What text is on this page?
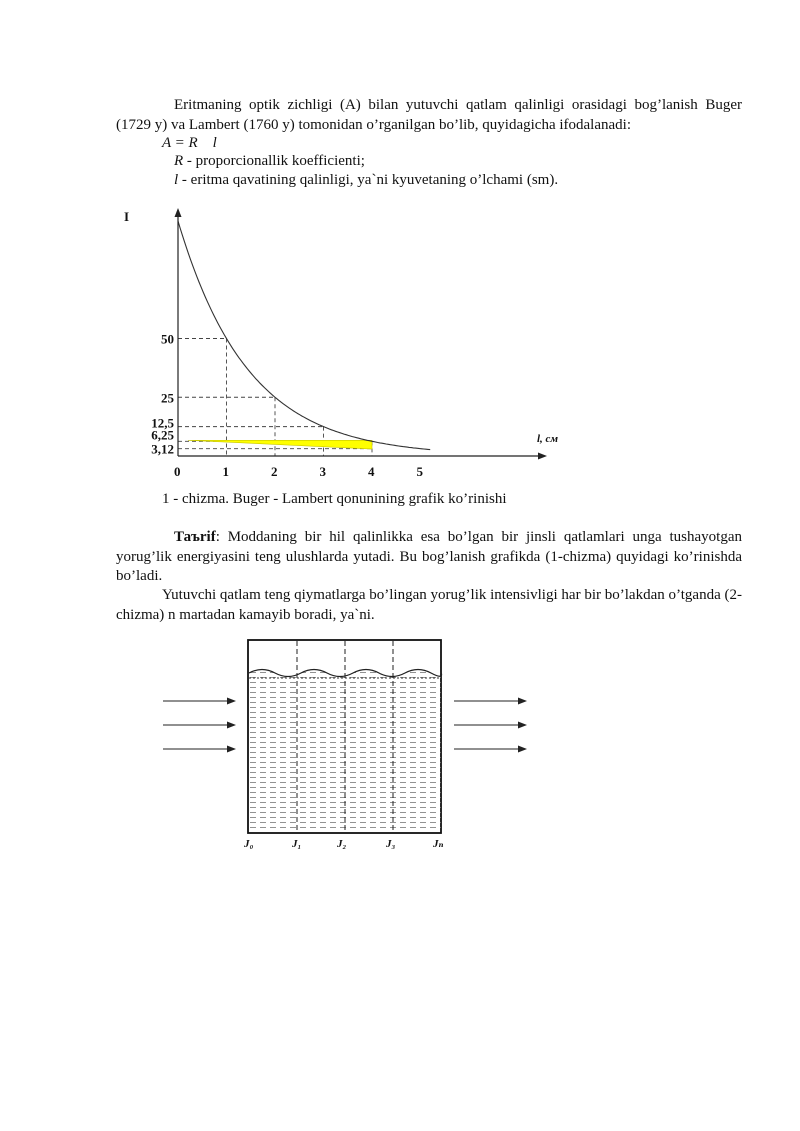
Eritmaning optik zichligi (A) bilan yutuvchi qatlam qalinligi orasidagi bog’lanish Buger (1729 y) va Lambert (1760 y) tomonidan o’rganilgan bo’lib, quyidagicha ifodalanadi:

A = R    l
R - proporcionallik koefficienti;
l - eritma qavatining qalinligi, ya`ni kyuvetaning o’lchami (sm).
I
l, см
0	1	2	3	4	5
50
25
12,5
6,25
3,12
1 - chizma. Buger - Lambert qonunining grafik ko’rinishi

Таъrif: Moddaning bir hil qalinlikka esa bo’lgan bir jinsli qatlamlari unga tushayotgan yorug’lik energiyasini teng ulushlarda yutadi. Bu bog’lanish grafikda (1-chizma) quyidagi ko’rinishda bo’ladi.

Yutuvchi qatlam teng qiymatlarga bo’lingan yorug’lik intensivligi har bir bo’lakdan o’tganda (2- chizma) n martadan kamayib boradi, ya`ni.

J₀	J₁	J₂	J₃	Jₙ
